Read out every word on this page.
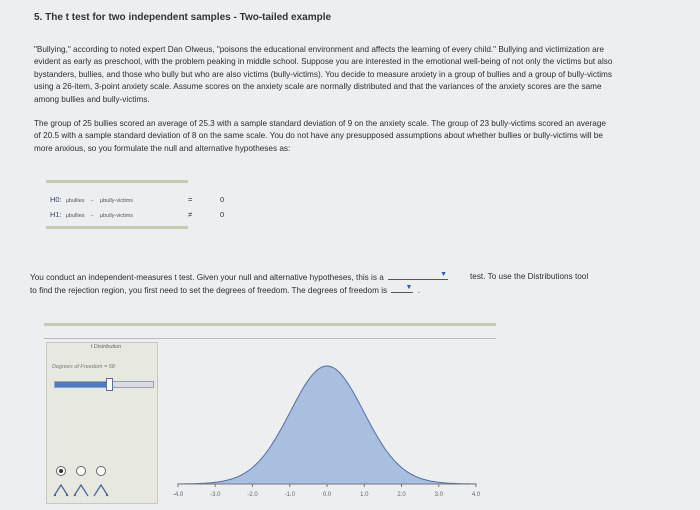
5. The t test for two independent samples - Two-tailed example
"Bullying," according to noted expert Dan Olweus, "poisons the educational environment and affects the learning of every child." Bullying and victimization are evident as early as preschool, with the problem peaking in middle school. Suppose you are interested in the emotional well-being of not only the victims but also bystanders, bullies, and those who bully but who are also victims (bully-victims). You decide to measure anxiety in a group of bullies and a group of bully-victims using a 26-item, 3-point anxiety scale. Assume scores on the anxiety scale are normally distributed and that the variances of the anxiety scores are the same among bullies and bully-victims.
The group of 25 bullies scored an average of 25.3 with a sample standard deviation of 9 on the anxiety scale. The group of 23 bully-victims scored an average of 20.5 with a sample standard deviation of 8 on the same scale. You do not have any presupposed assumptions about whether bullies or bully-victims will be more anxious, so you formulate the null and alternative hypotheses as:
H0: μbullies − μbully-victims	=	0
H1: μbullies − μbully-victims	≠	0
You conduct an independent-measures t test. Given your null and alternative hypotheses, this is a	▼	test. To use the Distributions tool
to find the rejection region, you first need to set the degrees of freedom. The degrees of freedom is	▼ .
t Distribution
Degrees of Freedom = 58
-4.0	-3.0	-2.0	-1.0	0.0	1.0	2.0	3.0	4.0
